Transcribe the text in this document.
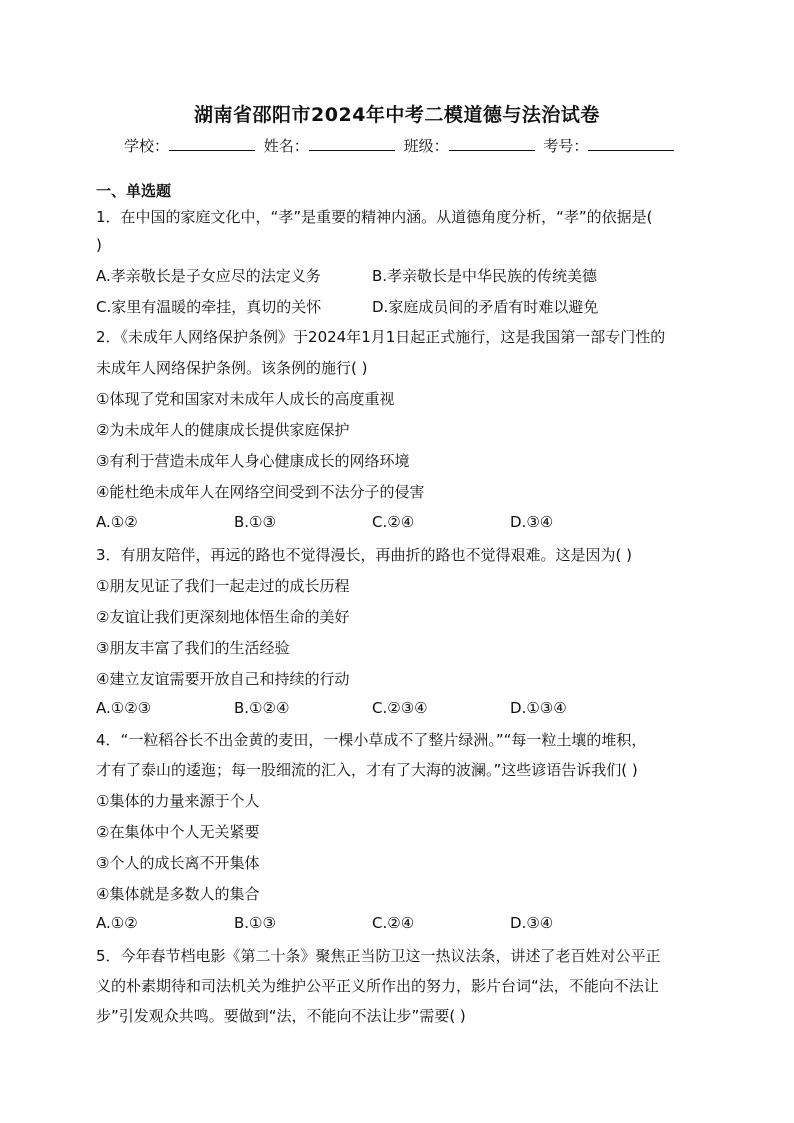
湖南省邵阳市2024年中考二模道德与法治试卷
学校：	姓名：	班级：	考号：
一、单选题
1．在中国的家庭文化中，“孝”是重要的精神内涵。从道德角度分析，“孝”的依据是(
)
A.孝亲敬长是子女应尽的法定义务	B.孝亲敬长是中华民族的传统美德
C.家里有温暖的牵挂，真切的关怀	D.家庭成员间的矛盾有时难以避免
2．《未成年人网络保护条例》于2024年1月1日起正式施行，这是我国第一部专门性的
未成年人网络保护条例。该条例的施行( )
①体现了党和国家对未成年人成长的高度重视
②为未成年人的健康成长提供家庭保护
③有利于营造未成年人身心健康成长的网络环境
④能杜绝未成年人在网络空间受到不法分子的侵害
A.①②	B.①③	C.②④	D.③④
3．有朋友陪伴，再远的路也不觉得漫长，再曲折的路也不觉得艰难。这是因为( )
①朋友见证了我们一起走过的成长历程
②友谊让我们更深刻地体悟生命的美好
③朋友丰富了我们的生活经验
④建立友谊需要开放自己和持续的行动
A.①②③	B.①②④	C.②③④	D.①③④
4．“一粒稻谷长不出金黄的麦田，一棵小草成不了整片绿洲。”“每一粒土壤的堆积，
才有了泰山的逶迤；每一股细流的汇入，才有了大海的波澜。”这些谚语告诉我们( )
①集体的力量来源于个人
②在集体中个人无关紧要
③个人的成长离不开集体
④集体就是多数人的集合
A.①②	B.①③	C.②④	D.③④
5．今年春节档电影《第二十条》聚焦正当防卫这一热议法条，讲述了老百姓对公平正
义的朴素期待和司法机关为维护公平正义所作出的努力，影片台词“法，不能向不法让
步”引发观众共鸣。要做到“法，不能向不法让步”需要( )
